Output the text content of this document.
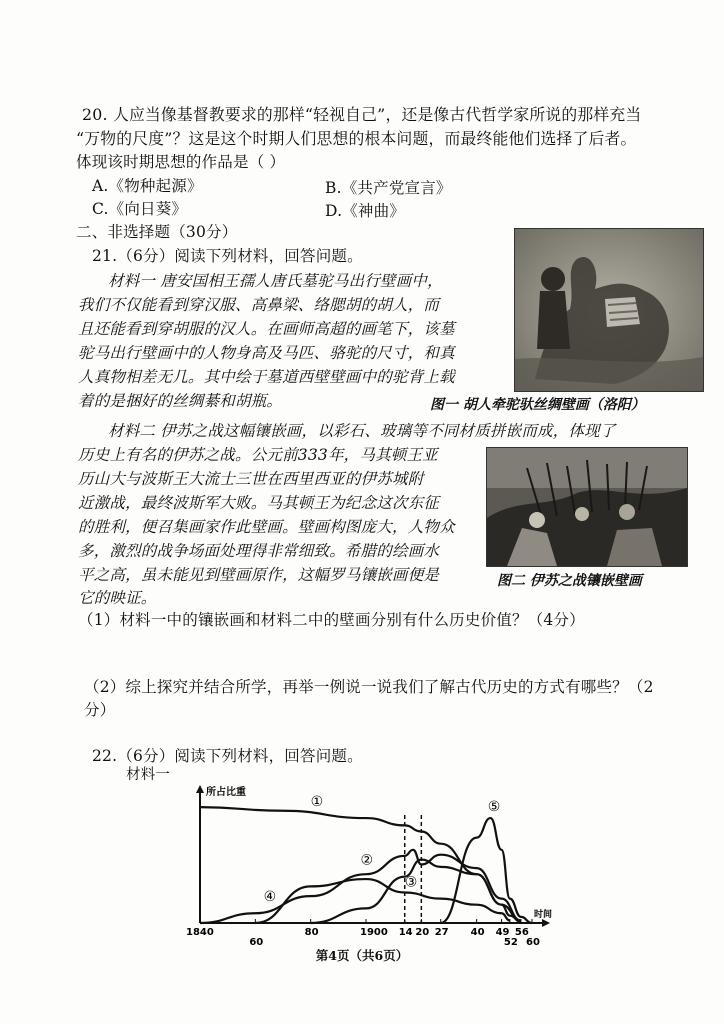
20. 人应当像基督教要求的那样“轻视自己”，还是像古代哲学家所说的那样充当
“万物的尺度”？这是这个时期人们思想的根本问题，而最终能他们选择了后者。
体现该时期思想的作品是（ ）
A.《物种起源》	B.《共产党宣言》
C.《向日葵》	D.《神曲》
二、非选择题（30分）
21.（6分）阅读下列材料，回答问题。
材料一 唐安国相王孺人唐氏墓驼马出行壁画中，
我们不仅能看到穿汉服、高鼻梁、络腮胡的胡人，而
且还能看到穿胡服的汉人。在画师高超的画笔下，该墓
驼马出行壁画中的人物身高及马匹、骆驼的尺寸，和真
人真物相差无几。其中绘于墓道西壁壁画中的驼背上载
着的是捆好的丝绸綦和胡瓶。	图一 胡人牵驼驮丝绸壁画（洛阳）
材料二 伊苏之战这幅镶嵌画，以彩石、玻璃等不同材质拼嵌而成，体现了
历史上有名的伊苏之战。公元前333年，马其顿王亚
历山大与波斯王大流士三世在西里西亚的伊苏城附
近激战，最终波斯军大败。马其顿王为纪念这次东征
的胜利，便召集画家作此壁画。壁画构图庞大，人物众
多，激烈的战争场面处理得非常细致。希腊的绘画水
平之高，虽未能见到壁画原作，这幅罗马镶嵌画便是
它的映证。
图二 伊苏之战镶嵌壁画
（1）材料一中的镶嵌画和材料二中的壁画分别有什么历史价值？（4分）
（2）综上探究并结合所学，再举一例说一说我们了解古代历史的方式有哪些？（2
分）
22.（6分）阅读下列材料，回答问题。
材料一
所占比重
时间
1840
60
80	1900 14 20 27 40 49
52
56
60
①
②
③
④
⑤
第4页（共6页）
